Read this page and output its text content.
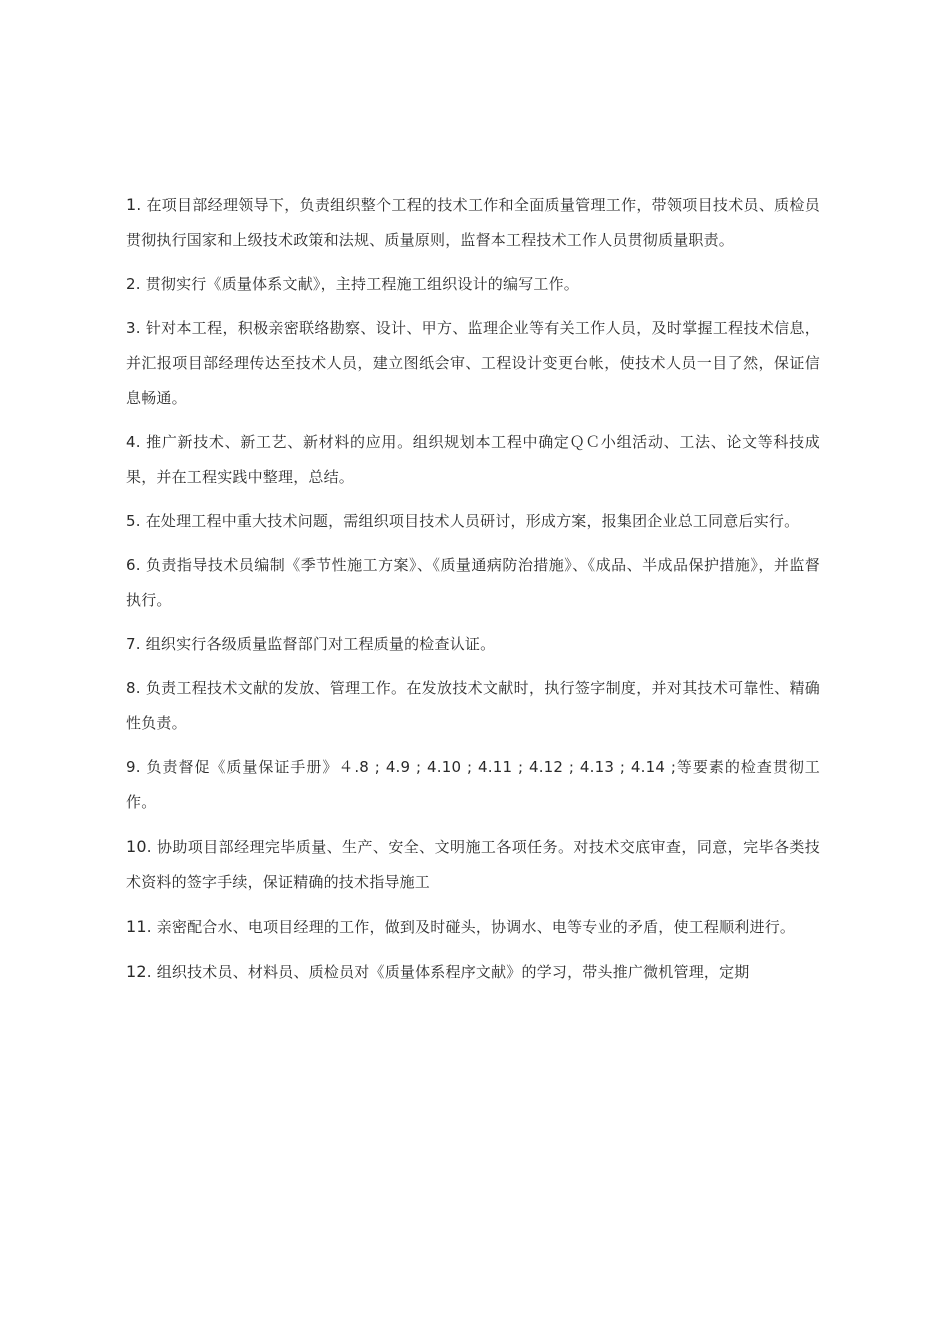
1. 在项目部经理领导下，负责组织整个工程的技术工作和全面质量管理工作，带领项目技术员、质检员贯彻执行国家和上级技术政策和法规、质量原则，监督本工程技术工作人员贯彻质量职责。

2. 贯彻实行《质量体系文献》，主持工程施工组织设计的编写工作。

3. 针对本工程，积极亲密联络勘察、设计、甲方、监理企业等有关工作人员，及时掌握工程技术信息，并汇报项目部经理传达至技术人员，建立图纸会审、工程设计变更台帐，使技术人员一目了然，保证信息畅通。

4. 推广新技术、新工艺、新材料的应用。组织规划本工程中确定ＱＣ小组活动、工法、论文等科技成果，并在工程实践中整理，总结。

5. 在处理工程中重大技术问题，需组织项目技术人员研讨，形成方案，报集团企业总工同意后实行。

6. 负责指导技术员编制《季节性施工方案》、《质量通病防治措施》、《成品、半成品保护措施》，并监督执行。

7. 组织实行各级质量监督部门对工程质量的检查认证。

8. 负责工程技术文献的发放、管理工作。在发放技术文献时，执行签字制度，并对其技术可靠性、精确性负责。

9. 负责督促《质量保证手册》４.8 ; 4.9 ; 4.10 ; 4.11 ; 4.12 ; 4.13 ; 4.14 ;等要素的检查贯彻工作。

10. 协助项目部经理完毕质量、生产、安全、文明施工各项任务。对技术交底审查，同意，完毕各类技术资料的签字手续，保证精确的技术指导施工

11. 亲密配合水、电项目经理的工作，做到及时碰头，协调水、电等专业的矛盾，使工程顺利进行。

12. 组织技术员、材料员、质检员对《质量体系程序文献》的学习，带头推广微机管理，定期
